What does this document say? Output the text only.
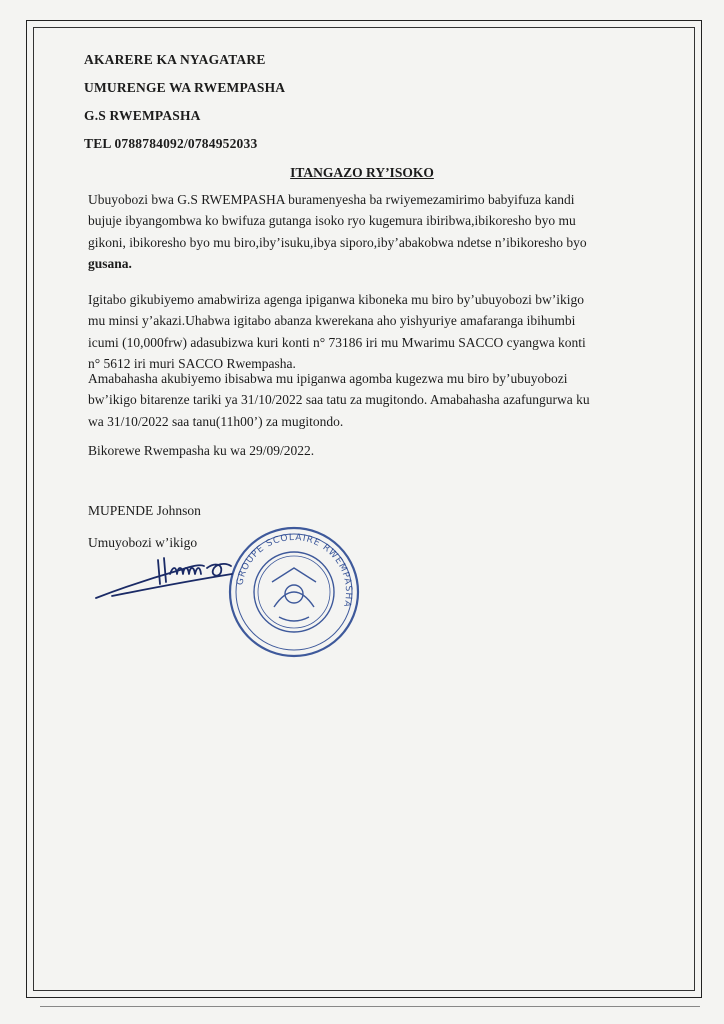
AKARERE KA NYAGATARE
UMURENGE WA RWEMPASHA
G.S RWEMPASHA
TEL 0788784092/0784952033
ITANGAZO RY’ISOKO
Ubuyobozi bwa G.S RWEMPASHA buramenyesha ba rwiyemezamirimo babyifuza kandi
bujuje ibyangombwa ko bwifuza gutanga isoko ryo kugemura ibiribwa,ibikoresho byo mu
gikoni, ibikoresho byo mu biro,iby’isuku,ibya siporo,iby’abakobwa ndetse n’ibikoresho byo
gusana.
Igitabo gikubiyemo amabwiriza agenga ipiganwa kiboneka mu biro by’ubuyobozi bw’ikigo
mu minsi y’akazi.Uhabwa igitabo abanza kwerekana aho yishyuriye amafaranga ibihumbi
icumi (10,000frw) adasubizwa kuri konti n° 73186 iri mu Mwarimu SACCO cyangwa konti
n° 5612 iri muri SACCO Rwempasha.
Amabahasha akubiyemo ibisabwa mu ipiganwa agomba kugezwa mu biro by’ubuyobozi
bw’ikigo bitarenze tariki ya 31/10/2022 saa tatu za mugitondo. Amabahasha azafungurwa ku
wa 31/10/2022 saa tanu(11h00’) za mugitondo.
Bikorewe Rwempasha ku wa 29/09/2022.
MUPENDE Johnson
Umuyobozi w’ikigo
GROUPE SCOLAIRE RWEMPASHA
